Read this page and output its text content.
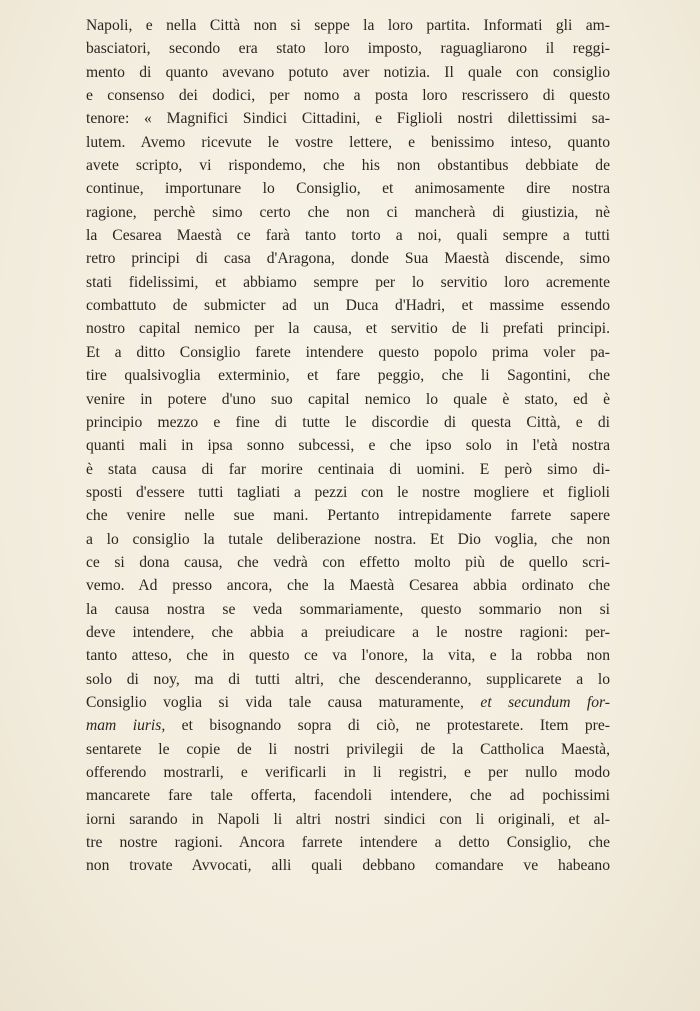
Napoli, e nella Città non si seppe la loro partita. Informati gli am-
basciatori, secondo era stato loro imposto, raguagliarono il reggi-
mento di quanto avevano potuto aver notizia. Il quale con consiglio
e consenso dei dodici, per nomo a posta loro rescrissero di questo
tenore: « Magnifici Sindici Cittadini, e Figlioli nostri dilettissimi sa-
lutem. Avemo ricevute le vostre lettere, e benissimo inteso, quanto
avete scripto, vi rispondemo, che his non obstantibus debbiate de
continue, importunare lo Consiglio, et animosamente dire nostra
ragione, perchè simo certo che non ci mancherà di giustizia, nè
la Cesarea Maestà ce farà tanto torto a noi, quali sempre a tutti
retro principi di casa d'Aragona, donde Sua Maestà discende, simo
stati fidelissimi, et abbiamo sempre per lo servitio loro acremente
combattuto de submicter ad un Duca d'Hadri, et massime essendo
nostro capital nemico per la causa, et servitio de li prefati principi.
Et a ditto Consiglio farete intendere questo popolo prima voler pa-
tire qualsivoglia exterminio, et fare peggio, che li Sagontini, che
venire in potere d'uno suo capital nemico lo quale è stato, ed è
principio mezzo e fine di tutte le discordie di questa Città, e di
quanti mali in ipsa sonno subcessi, e che ipso solo in l'età nostra
è stata causa di far morire centinaia di uomini. E però simo di-
sposti d'essere tutti tagliati a pezzi con le nostre mogliere et figlioli
che venire nelle sue mani. Pertanto intrepidamente farrete sapere
a lo consiglio la tutale deliberazione nostra. Et Dio voglia, che non
ce si dona causa, che vedrà con effetto molto più de quello scri-
vemo. Ad presso ancora, che la Maestà Cesarea abbia ordinato che
la causa nostra se veda sommariamente, questo sommario non si
deve intendere, che abbia a preiudicare a le nostre ragioni: per-
tanto atteso, che in questo ce va l'onore, la vita, e la robba non
solo di noy, ma di tutti altri, che descenderanno, supplicarete a lo
Consiglio voglia si vida tale causa maturamente, et secundum for-
mam iuris, et bisognando sopra di ciò, ne protestarete. Item pre-
sentarete le copie de li nostri privilegii de la Cattholica Maestà,
offerendo mostrarli, e verificarli in li registri, e per nullo modo
mancarete fare tale offerta, facendoli intendere, che ad pochissimi
iorni sarando in Napoli li altri nostri sindici con li originali, et al-
tre nostre ragioni. Ancora farrete intendere a detto Consiglio, che
non trovate Avvocati, alli quali debbano comandare ve habeano
